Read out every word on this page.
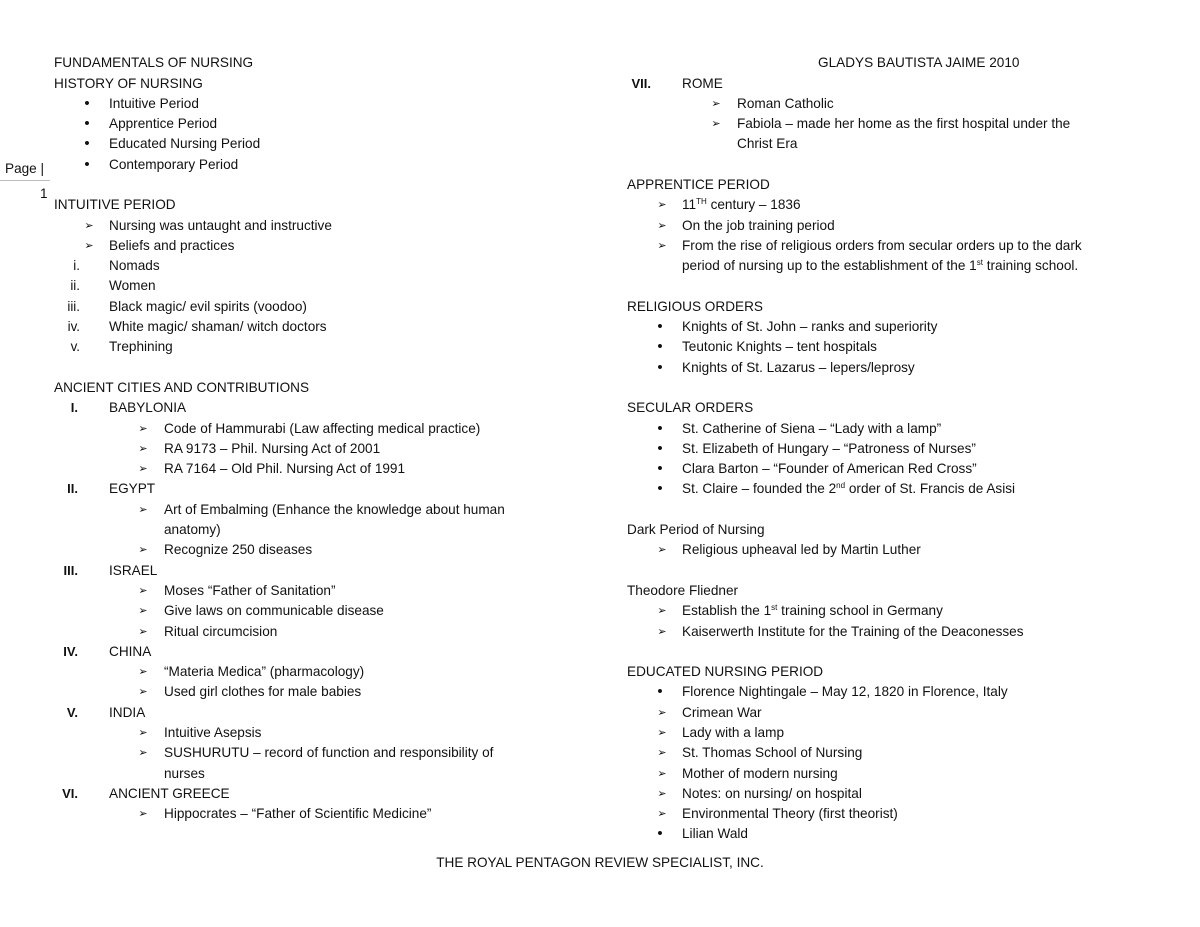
FUNDAMENTALS OF NURSING	GLADYS BAUTISTA JAIME 2010
Page |
1
HISTORY OF NURSING
•	Intuitive Period
•	Apprentice Period
•	Educated Nursing Period
•	Contemporary Period
INTUITIVE PERIOD
➢ Nursing was untaught and instructive
➢ Beliefs and practices
i. Nomads
ii. Women
iii. Black magic/ evil spirits (voodoo)
iv. White magic/ shaman/ witch doctors
v. Trephining
ANCIENT CITIES AND CONTRIBUTIONS
I. BABYLONIA
➢ Code of Hammurabi (Law affecting medical practice)
➢ RA 9173 – Phil. Nursing Act of 2001
➢ RA 7164 – Old Phil. Nursing Act of 1991
II. EGYPT
➢ Art of Embalming (Enhance the knowledge about human
anatomy)
➢ Recognize 250 diseases
III. ISRAEL
➢ Moses “Father of Sanitation”
➢ Give laws on communicable disease
➢ Ritual circumcision
IV. CHINA
➢ “Materia Medica” (pharmacology)
➢ Used girl clothes for male babies
V. INDIA
➢ Intuitive Asepsis
➢ SUSHURUTU – record of function and responsibility of
nurses
VI. ANCIENT GREECE
➢ Hippocrates – “Father of Scientific Medicine”
VII. ROME
➢ Roman Catholic
➢ Fabiola – made her home as the first hospital under the
Christ Era
APPRENTICE PERIOD
➢ 11TH century – 1836
➢ On the job training period
➢ From the rise of religious orders from secular orders up to the dark
period of nursing up to the establishment of the 1st training school.
RELIGIOUS ORDERS
•	Knights of St. John – ranks and superiority
•	Teutonic Knights – tent hospitals
•	Knights of St. Lazarus – lepers/leprosy
SECULAR ORDERS
•	St. Catherine of Siena – “Lady with a lamp”
•	St. Elizabeth of Hungary – “Patroness of Nurses”
•	Clara Barton – “Founder of American Red Cross”
•	St. Claire – founded the 2nd order of St. Francis de Asisi
Dark Period of Nursing
➢ Religious upheaval led by Martin Luther
Theodore Fliedner
➢ Establish the 1st training school in Germany
➢ Kaiserwerth Institute for the Training of the Deaconesses
EDUCATED NURSING PERIOD
•	Florence Nightingale – May 12, 1820 in Florence, Italy
➢ Crimean War
➢ Lady with a lamp
➢ St. Thomas School of Nursing
➢ Mother of modern nursing
➢ Notes: on nursing/ on hospital
➢ Environmental Theory (first theorist)
•	Lilian Wald
THE ROYAL PENTAGON REVIEW SPECIALIST, INC.
